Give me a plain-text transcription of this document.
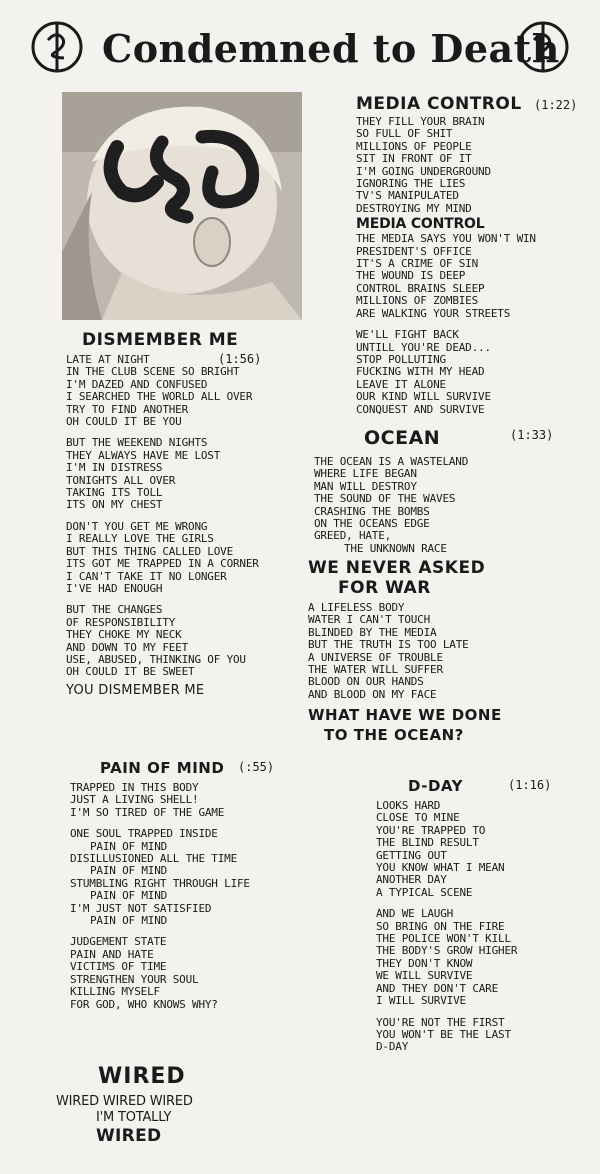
Condemned to Death
MEDIA CONTROL	(1:22)
THEY FILL YOUR BRAIN
SO FULL OF SHIT
MILLIONS OF PEOPLE
SIT IN FRONT OF IT
I'M GOING UNDERGROUND
IGNORING THE LIES
TV'S MANIPULATED
DESTROYING MY MIND
MEDIA CONTROL
THE MEDIA SAYS YOU WON'T WIN
PRESIDENT'S OFFICE
IT'S A CRIME OF SIN
THE WOUND IS DEEP
CONTROL BRAINS SLEEP
MILLIONS OF ZOMBIES
ARE WALKING YOUR STREETS
WE'LL FIGHT BACK
UNTILL YOU'RE DEAD...
STOP POLLUTING
FUCKING WITH MY HEAD
LEAVE IT ALONE
OUR KIND WILL SURVIVE
CONQUEST AND SURVIVE
DISMEMBER ME
(1:56)
LATE AT NIGHT
IN THE CLUB SCENE SO BRIGHT
I'M DAZED AND CONFUSED
I SEARCHED THE WORLD ALL OVER
TRY TO FIND ANOTHER
OH COULD IT BE YOU
BUT THE WEEKEND NIGHTS
THEY ALWAYS HAVE ME LOST
I'M IN DISTRESS
TONIGHTS ALL OVER
TAKING ITS TOLL
ITS ON MY CHEST
DON'T YOU GET ME WRONG
I REALLY LOVE THE GIRLS
BUT THIS THING CALLED LOVE
ITS GOT ME TRAPPED IN A CORNER
I CAN'T TAKE IT NO LONGER
I'VE HAD ENOUGH
BUT THE CHANGES
OF RESPONSIBILITY
THEY CHOKE MY NECK
AND DOWN TO MY FEET
USE, ABUSED, THINKING OF YOU
OH COULD IT BE SWEET
YOU DISMEMBER ME
OCEAN	(1:33)
THE OCEAN IS A WASTELAND
WHERE LIFE BEGAN
MAN WILL DESTROY
THE SOUND OF THE WAVES
CRASHING THE BOMBS
ON THE OCEANS EDGE
GREED, HATE,
THE UNKNOWN RACE
WE NEVER ASKED
FOR WAR
A LIFELESS BODY
WATER I CAN'T TOUCH
BLINDED BY THE MEDIA
BUT THE TRUTH IS TOO LATE
A UNIVERSE OF TROUBLE
THE WATER WILL SUFFER
BLOOD ON OUR HANDS
AND BLOOD ON MY FACE
WHAT HAVE WE DONE
TO THE OCEAN?
PAIN OF MIND	(:55)
TRAPPED IN THIS BODY
JUST A LIVING SHELL!
I'M SO TIRED OF THE GAME
ONE SOUL TRAPPED INSIDE
PAIN OF MIND
DISILLUSIONED ALL THE TIME
PAIN OF MIND
STUMBLING RIGHT THROUGH LIFE
PAIN OF MIND
I'M JUST NOT SATISFIED
PAIN OF MIND
JUDGEMENT STATE
PAIN AND HATE
VICTIMS OF TIME
STRENGTHEN YOUR SOUL
KILLING MYSELF
FOR GOD, WHO KNOWS WHY?
D-DAY	(1:16)
LOOKS HARD
CLOSE TO MINE
YOU'RE TRAPPED TO
THE BLIND RESULT
GETTING OUT
YOU KNOW WHAT I MEAN
ANOTHER DAY
A TYPICAL SCENE
AND WE LAUGH
SO BRING ON THE FIRE
THE POLICE WON'T KILL
THE BODY'S GROW HIGHER
THEY DON'T KNOW
WE WILL SURVIVE
AND THEY DON'T CARE
I WILL SURVIVE
YOU'RE NOT THE FIRST
YOU WON'T BE THE LAST
D-DAY
WIRED
WIRED WIRED WIRED
I'M TOTALLY
WIRED
